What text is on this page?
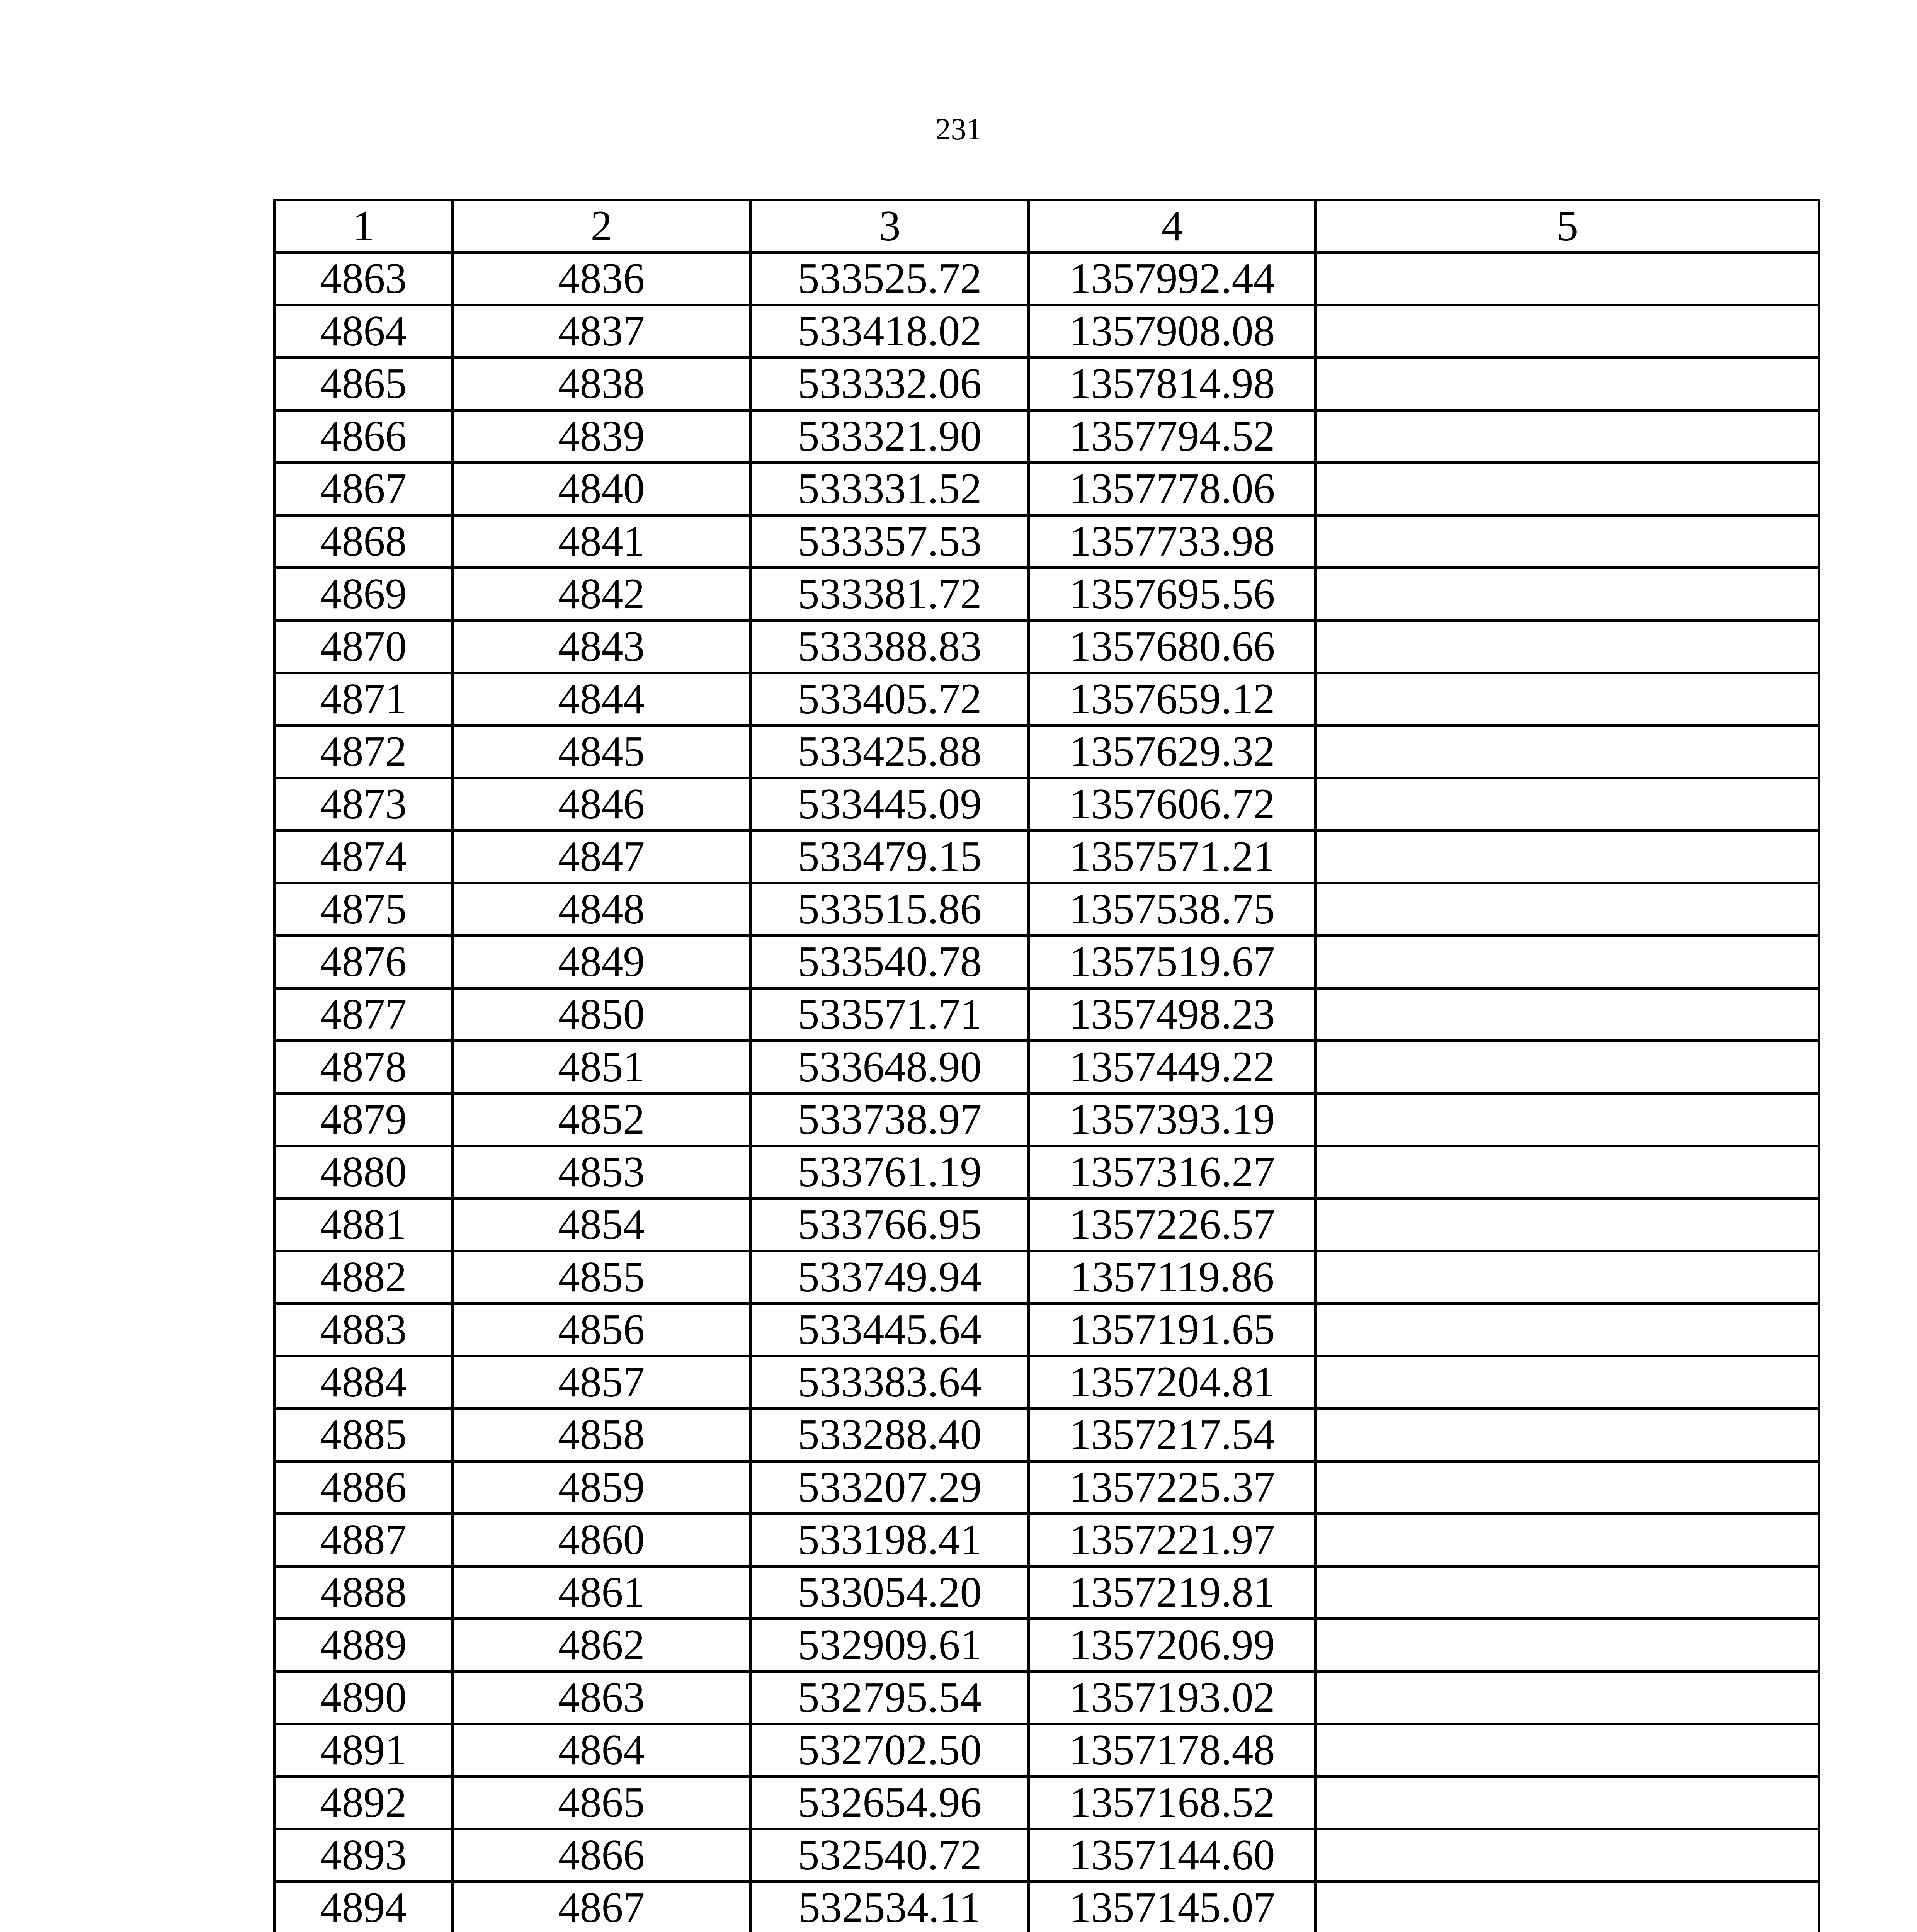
231
1	2	3	4	5
4863	4836	533525.72	1357992.44	
4864	4837	533418.02	1357908.08	
4865	4838	533332.06	1357814.98	
4866	4839	533321.90	1357794.52	
4867	4840	533331.52	1357778.06	
4868	4841	533357.53	1357733.98	
4869	4842	533381.72	1357695.56	
4870	4843	533388.83	1357680.66	
4871	4844	533405.72	1357659.12	
4872	4845	533425.88	1357629.32	
4873	4846	533445.09	1357606.72	
4874	4847	533479.15	1357571.21	
4875	4848	533515.86	1357538.75	
4876	4849	533540.78	1357519.67	
4877	4850	533571.71	1357498.23	
4878	4851	533648.90	1357449.22	
4879	4852	533738.97	1357393.19	
4880	4853	533761.19	1357316.27	
4881	4854	533766.95	1357226.57	
4882	4855	533749.94	1357119.86	
4883	4856	533445.64	1357191.65	
4884	4857	533383.64	1357204.81	
4885	4858	533288.40	1357217.54	
4886	4859	533207.29	1357225.37	
4887	4860	533198.41	1357221.97	
4888	4861	533054.20	1357219.81	
4889	4862	532909.61	1357206.99	
4890	4863	532795.54	1357193.02	
4891	4864	532702.50	1357178.48	
4892	4865	532654.96	1357168.52	
4893	4866	532540.72	1357144.60	
4894	4867	532534.11	1357145.07	
